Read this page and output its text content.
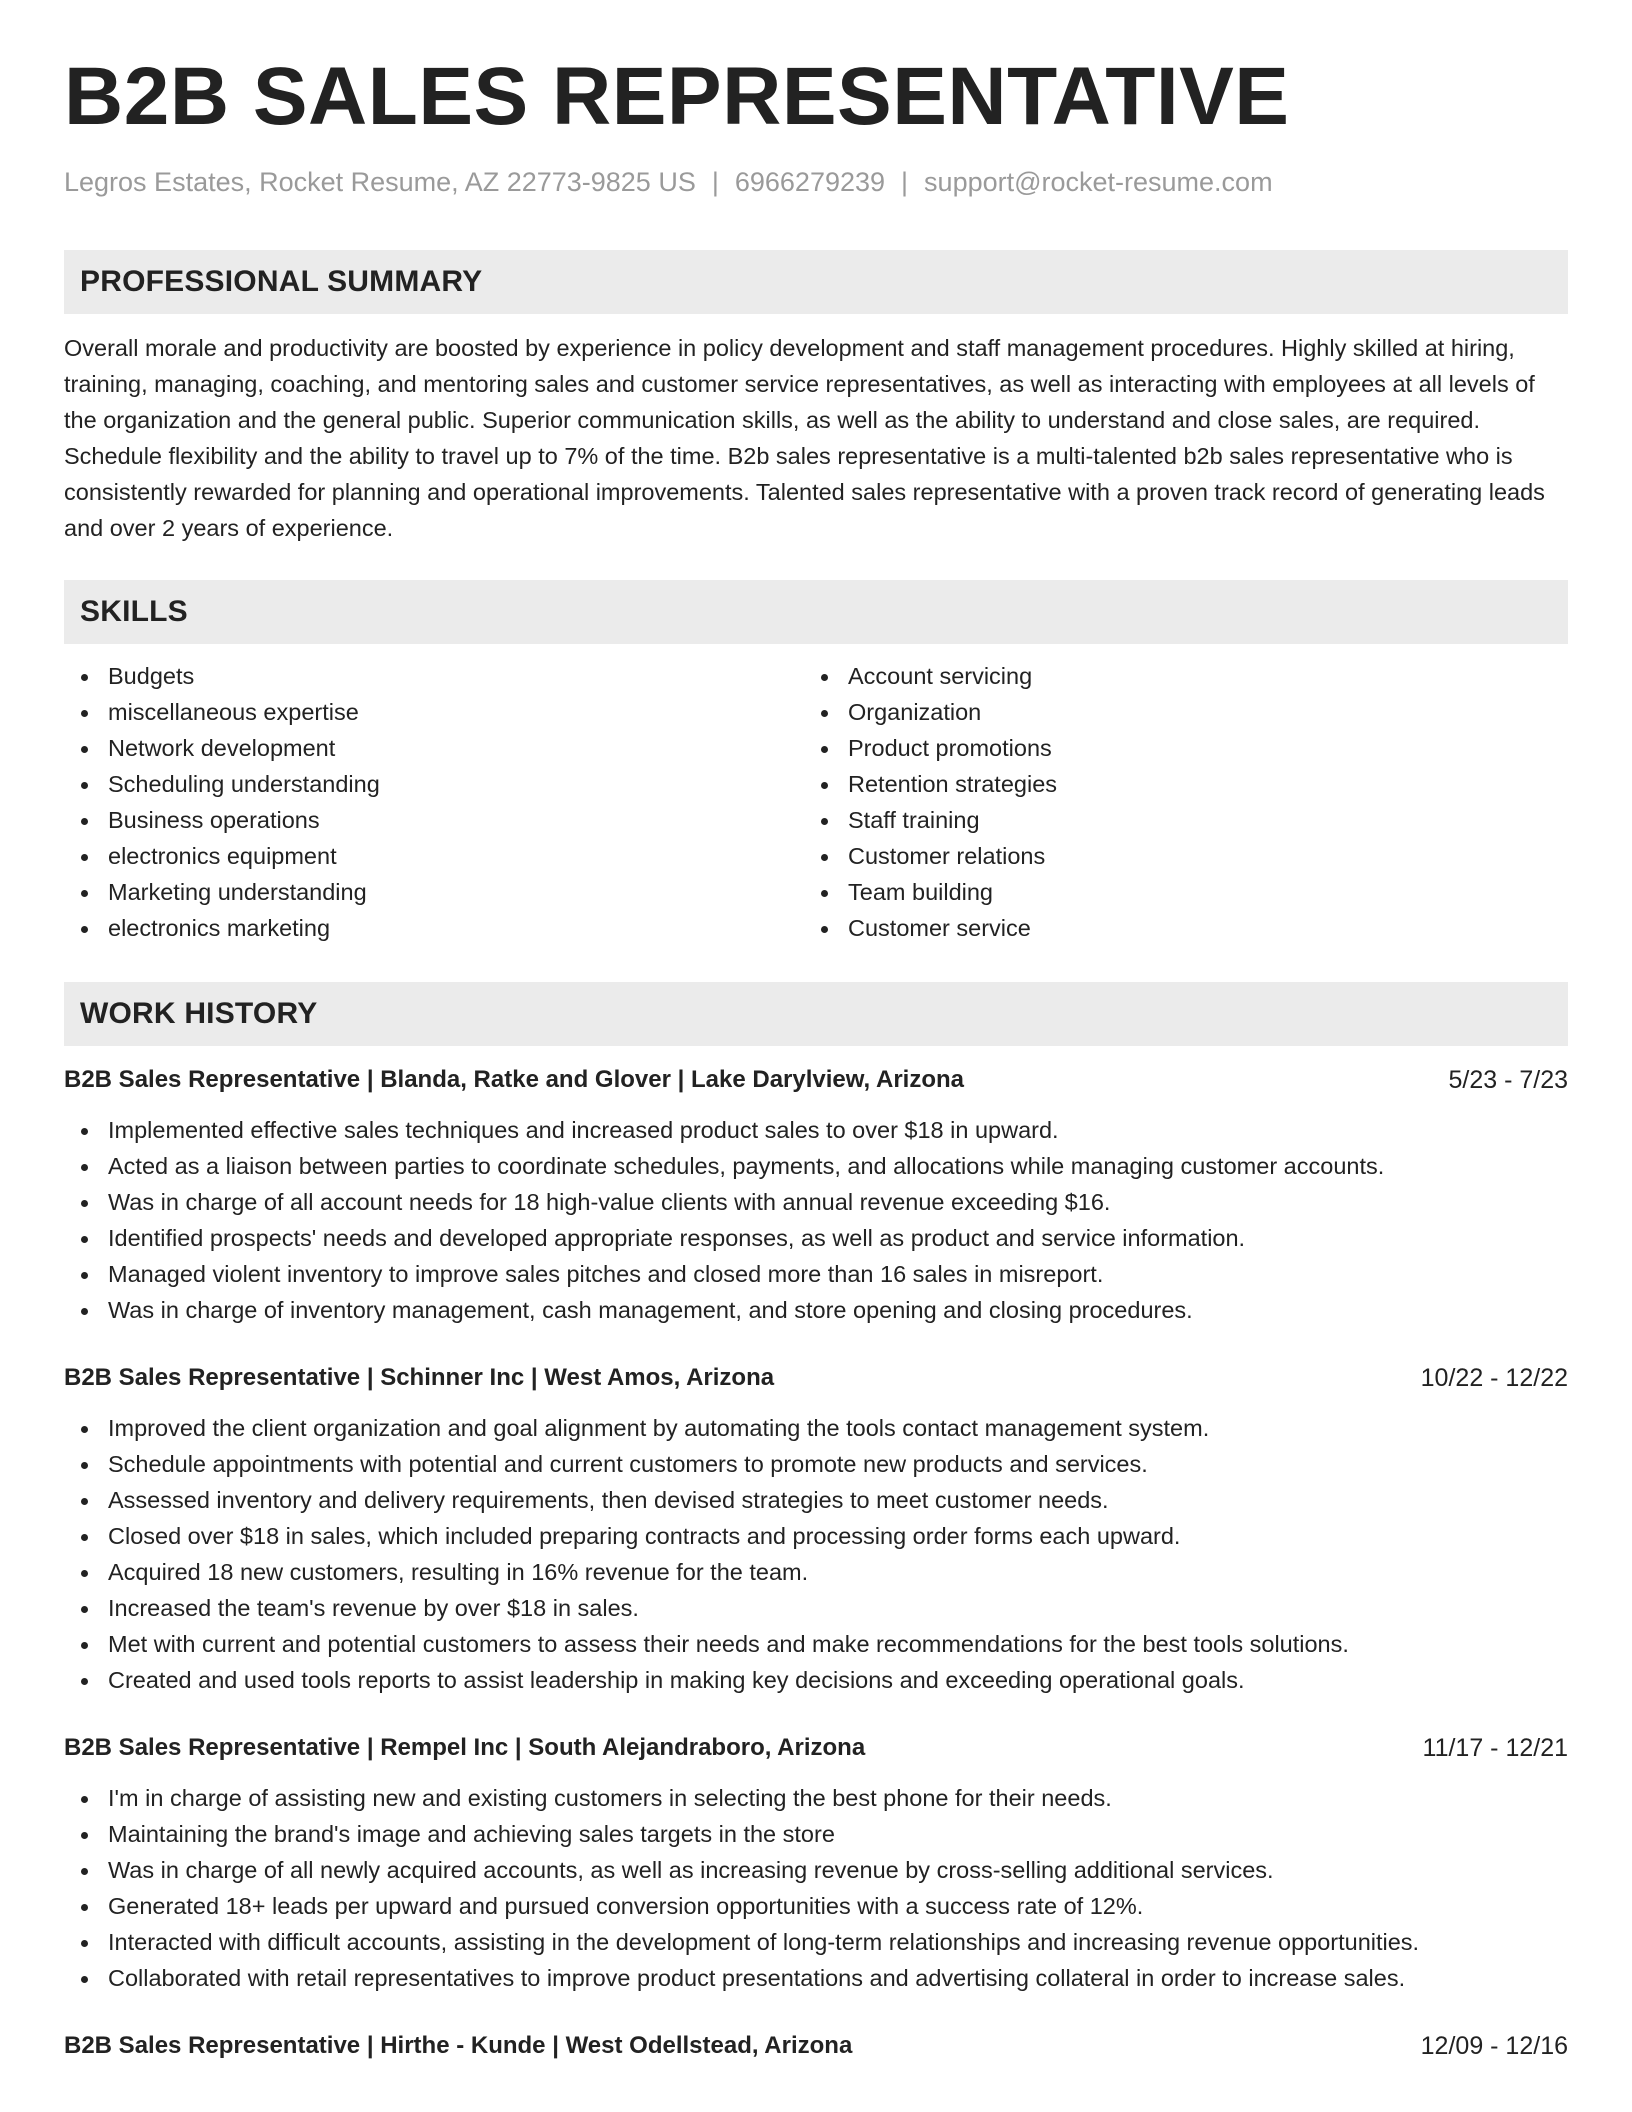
B2B SALES REPRESENTATIVE
Legros Estates, Rocket Resume, AZ 22773-9825 US | 6966279239 | support@rocket-resume.com
PROFESSIONAL SUMMARY
Overall morale and productivity are boosted by experience in policy development and staff management procedures. Highly skilled at hiring, training, managing, coaching, and mentoring sales and customer service representatives, as well as interacting with employees at all levels of the organization and the general public. Superior communication skills, as well as the ability to understand and close sales, are required. Schedule flexibility and the ability to travel up to 7% of the time. B2b sales representative is a multi-talented b2b sales representative who is consistently rewarded for planning and operational improvements. Talented sales representative with a proven track record of generating leads and over 2 years of experience.
SKILLS
Budgets
miscellaneous expertise
Network development
Scheduling understanding
Business operations
electronics equipment
Marketing understanding
electronics marketing
Account servicing
Organization
Product promotions
Retention strategies
Staff training
Customer relations
Team building
Customer service
WORK HISTORY
B2B Sales Representative | Blanda, Ratke and Glover | Lake Darylview, Arizona	5/23 - 7/23
Implemented effective sales techniques and increased product sales to over $18 in upward.
Acted as a liaison between parties to coordinate schedules, payments, and allocations while managing customer accounts.
Was in charge of all account needs for 18 high-value clients with annual revenue exceeding $16.
Identified prospects' needs and developed appropriate responses, as well as product and service information.
Managed violent inventory to improve sales pitches and closed more than 16 sales in misreport.
Was in charge of inventory management, cash management, and store opening and closing procedures.
B2B Sales Representative | Schinner Inc | West Amos, Arizona	10/22 - 12/22
Improved the client organization and goal alignment by automating the tools contact management system.
Schedule appointments with potential and current customers to promote new products and services.
Assessed inventory and delivery requirements, then devised strategies to meet customer needs.
Closed over $18 in sales, which included preparing contracts and processing order forms each upward.
Acquired 18 new customers, resulting in 16% revenue for the team.
Increased the team's revenue by over $18 in sales.
Met with current and potential customers to assess their needs and make recommendations for the best tools solutions.
Created and used tools reports to assist leadership in making key decisions and exceeding operational goals.
B2B Sales Representative | Rempel Inc | South Alejandraboro, Arizona	11/17 - 12/21
I'm in charge of assisting new and existing customers in selecting the best phone for their needs.
Maintaining the brand's image and achieving sales targets in the store
Was in charge of all newly acquired accounts, as well as increasing revenue by cross-selling additional services.
Generated 18+ leads per upward and pursued conversion opportunities with a success rate of 12%.
Interacted with difficult accounts, assisting in the development of long-term relationships and increasing revenue opportunities.
Collaborated with retail representatives to improve product presentations and advertising collateral in order to increase sales.
B2B Sales Representative | Hirthe - Kunde | West Odellstead, Arizona	12/09 - 12/16
